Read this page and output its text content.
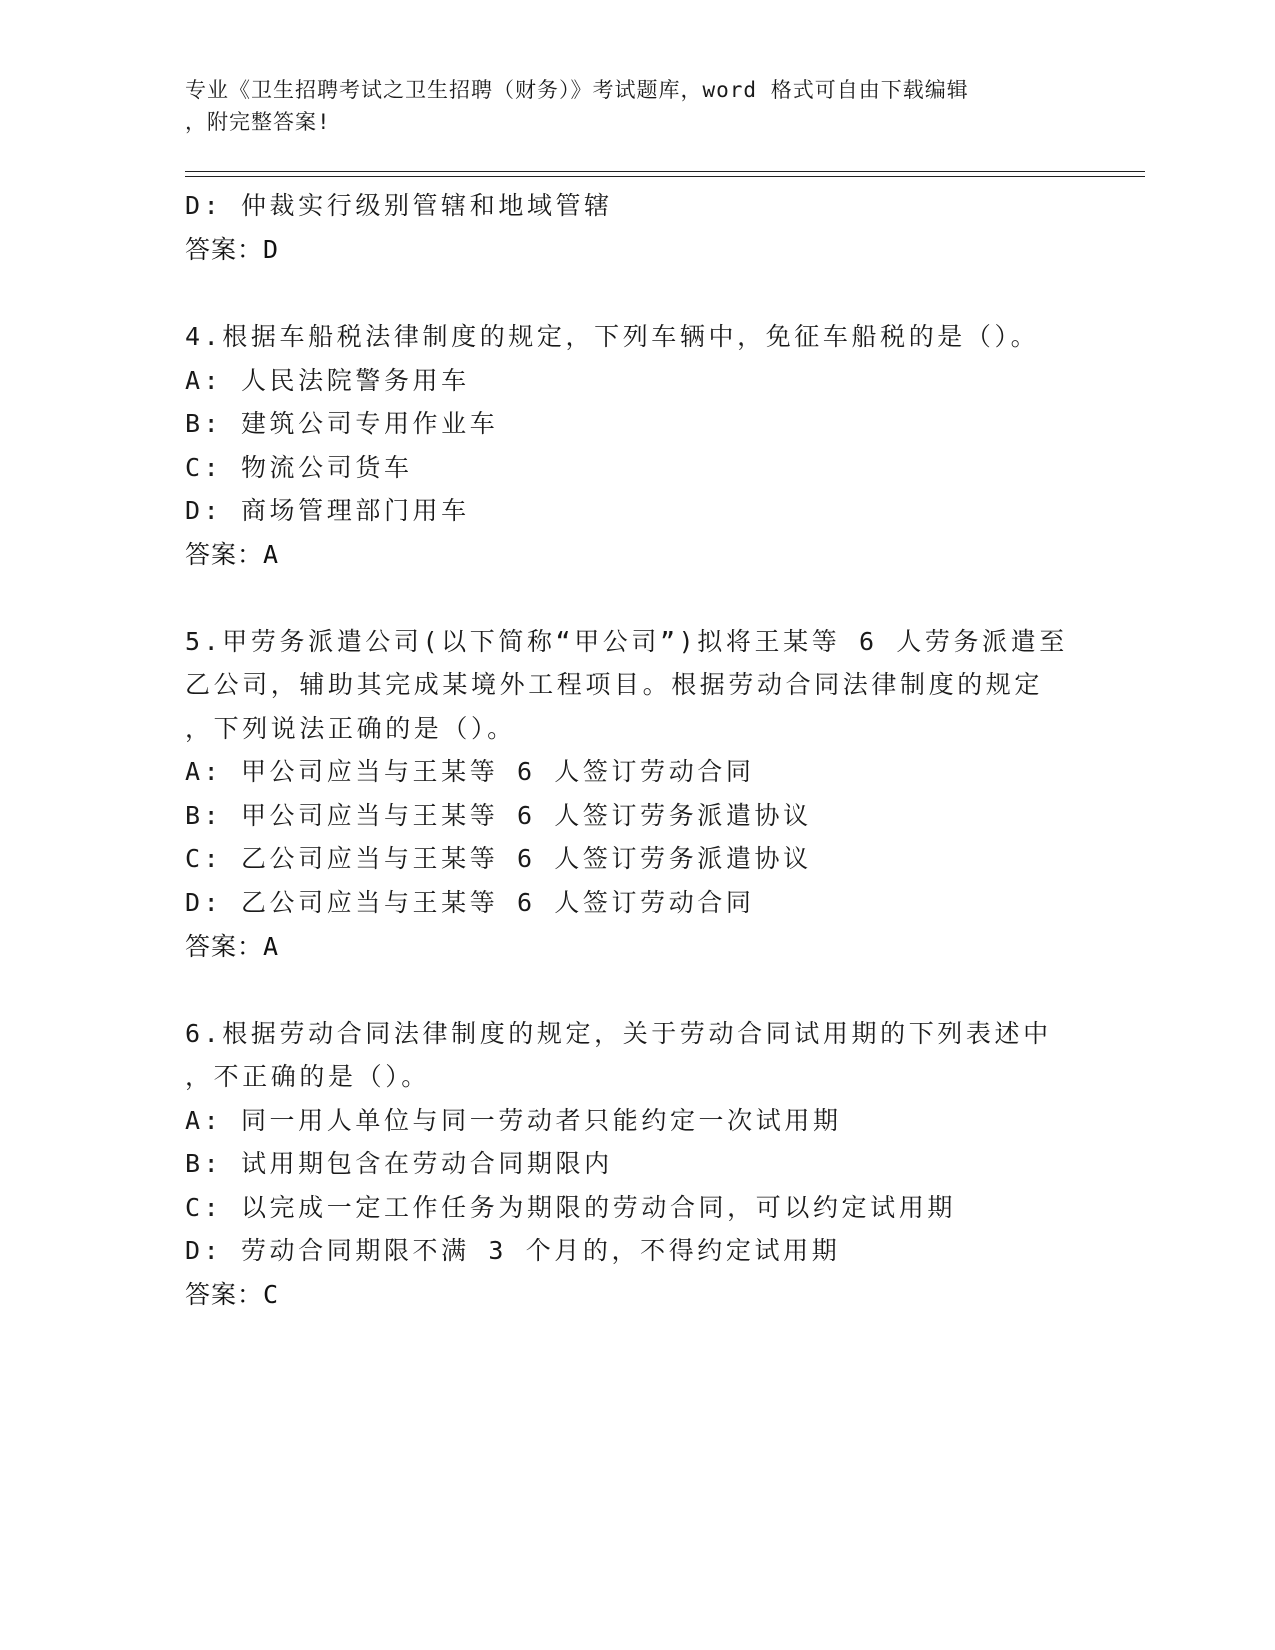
专业《卫生招聘考试之卫生招聘（财务）》考试题库，word 格式可自由下载编辑
，附完整答案!
D: 仲裁实行级别管辖和地域管辖
答案：D
4.根据车船税法律制度的规定，下列车辆中，免征车船税的是（）。
A: 人民法院警务用车
B: 建筑公司专用作业车
C: 物流公司货车
D: 商场管理部门用车
答案：A
5.甲劳务派遣公司(以下简称“甲公司”)拟将王某等 6 人劳务派遣至
乙公司，辅助其完成某境外工程项目。根据劳动合同法律制度的规定
，下列说法正确的是（）。
A: 甲公司应当与王某等 6 人签订劳动合同
B: 甲公司应当与王某等 6 人签订劳务派遣协议
C: 乙公司应当与王某等 6 人签订劳务派遣协议
D: 乙公司应当与王某等 6 人签订劳动合同
答案：A
6.根据劳动合同法律制度的规定，关于劳动合同试用期的下列表述中
，不正确的是（）。
A: 同一用人单位与同一劳动者只能约定一次试用期
B: 试用期包含在劳动合同期限内
C: 以完成一定工作任务为期限的劳动合同，可以约定试用期
D: 劳动合同期限不满 3 个月的，不得约定试用期
答案：C
